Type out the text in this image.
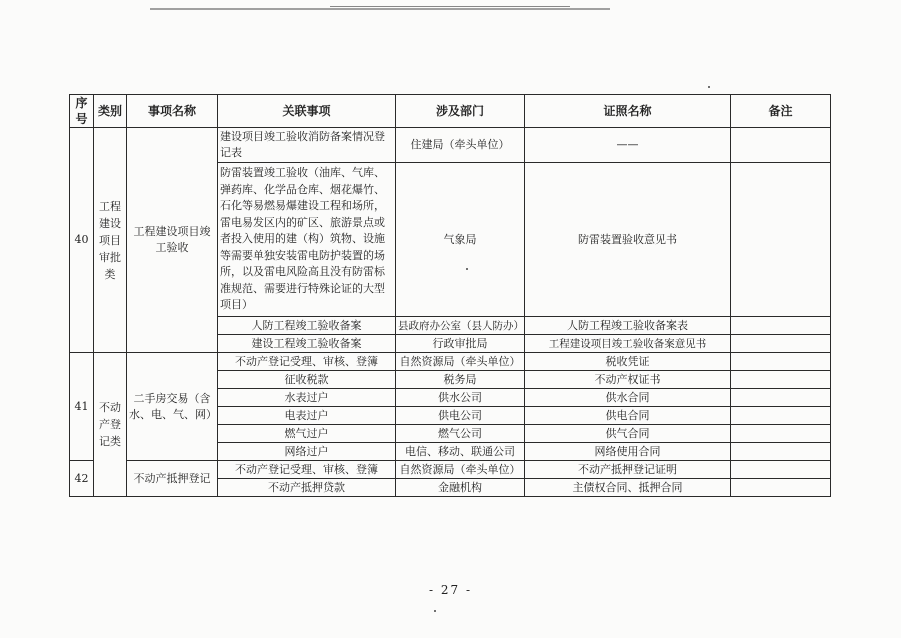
序号	类别	事项名称	关联事项	涉及部门	证照名称	备注
40	工程建设项目审批类	工程建设项目竣工验收	建设项目竣工验收消防备案情况登记表	住建局（牵头单位）	——	
			防雷装置竣工验收（油库、气库、弹药库、化学品仓库、烟花爆竹、石化等易燃易爆建设工程和场所，雷电易发区内的矿区、旅游景点或者投入使用的建（构）筑物、设施等需要单独安装雷电防护装置的场所，以及雷电风险高且没有防雷标准规范、需要进行特殊论证的大型项目）	气象局	防雷装置验收意见书	
			人防工程竣工验收备案	县政府办公室（县人防办）	人防工程竣工验收备案表	
			建设工程竣工验收备案	行政审批局	工程建设项目竣工验收备案意见书	
41	不动产登记类	二手房交易（含水、电、气、网）	不动产登记受理、审核、登簿	自然资源局（牵头单位）	税收凭证	
			征收税款	税务局	不动产权证书	
			水表过户	供水公司	供水合同	
			电表过户	供电公司	供电合同	
			燃气过户	燃气公司	供气合同	
			网络过户	电信、移动、联通公司	网络使用合同	
42		不动产抵押登记	不动产登记受理、审核、登簿	自然资源局（牵头单位）	不动产抵押登记证明	
			不动产抵押贷款	金融机构	主债权合同、抵押合同	
- 27 -
